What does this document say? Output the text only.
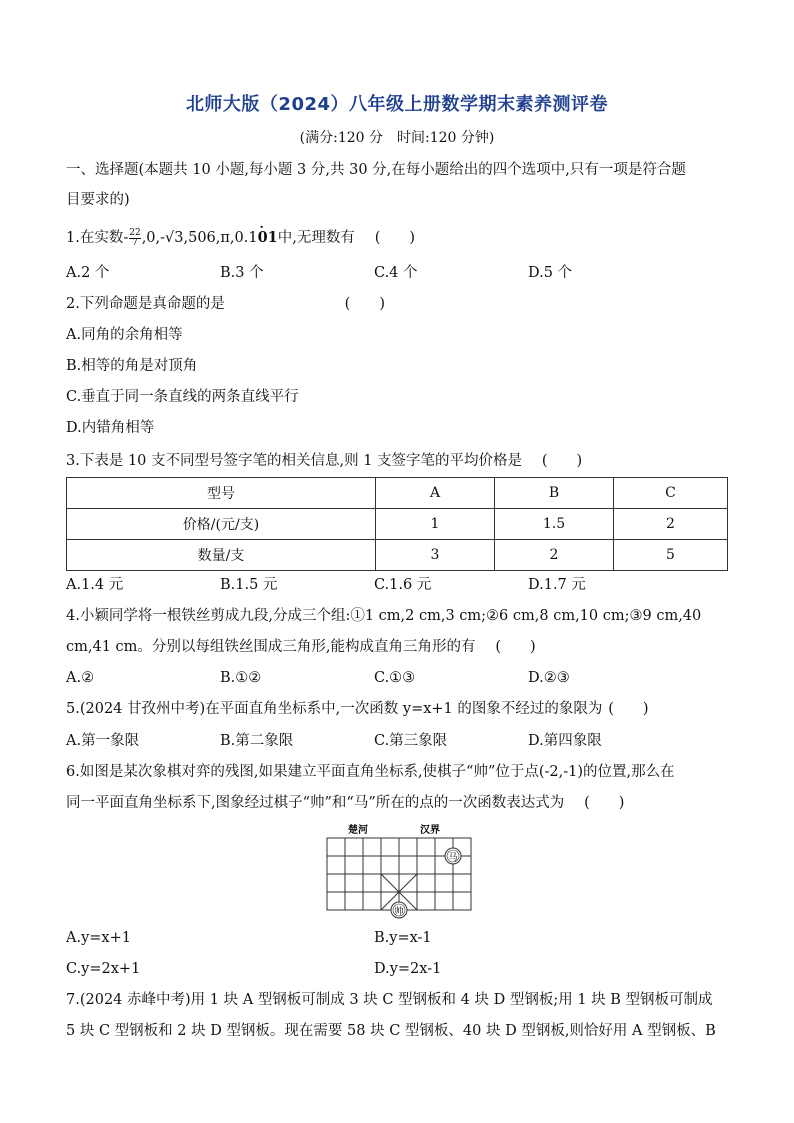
北师大版（2024）八年级上册数学期末素养测评卷
(满分:120 分　时间:120 分钟)
一、选择题(本题共 10 小题,每小题 3 分,共 30 分,在每小题给出的四个选项中,只有一项是符合题
目要求的)
1.在实数- $\frac{22}{7} ,0,-√3,506,\pi,0.1\cdot 01$中,无理数有 (　　)
A.2 个	B.3 个	C.4 个	D.5 个
2.下列命题是真命题的是	(　　)
A.同角的余角相等
B.相等的角是对顶角
C.垂直于同一条直线的两条直线平行
D.内错角相等
3.下表是 10 支不同型号签字笔的相关信息,则 1 支签字笔的平均价格是 (　　)
型号	A	B	C
价格/(元/支)	1	1.5	2
数量/支	3	2	5
A.1.4 元	B.1.5 元	C.1.6 元	D.1.7 元
4.小颖同学将一根铁丝剪成九段,分成三个组:①1 cm,2 cm,3 cm;②6 cm,8 cm,10 cm;③9 cm,40
cm,41 cm。分别以每组铁丝围成三角形,能构成直角三角形的有 (　　)
A.②	B.①②	C.①③	D.②③
5.(2024 甘孜州中考)在平面直角坐标系中,一次函数 y=x+1 的图象不经过的象限为 (　　)
A.第一象限	B.第二象限	C.第三象限	D.第四象限
6.如图是某次象棋对弈的残图,如果建立平面直角坐标系,使棋子“帅”位于点(-2,-1)的位置,那么在
同一平面直角坐标系下,图象经过棋子“帅”和“马”所在的点的一次函数表达式为 (　　)
楚河	汉界
马
帅
A.y=x+1	B.y=x-1
C.y=2x+1	D.y=2x-1
7.(2024 赤峰中考)用 1 块 A 型钢板可制成 3 块 C 型钢板和 4 块 D 型钢板;用 1 块 B 型钢板可制成
5 块 C 型钢板和 2 块 D 型钢板。现在需要 58 块 C 型钢板、40 块 D 型钢板,则恰好用 A 型钢板、B
